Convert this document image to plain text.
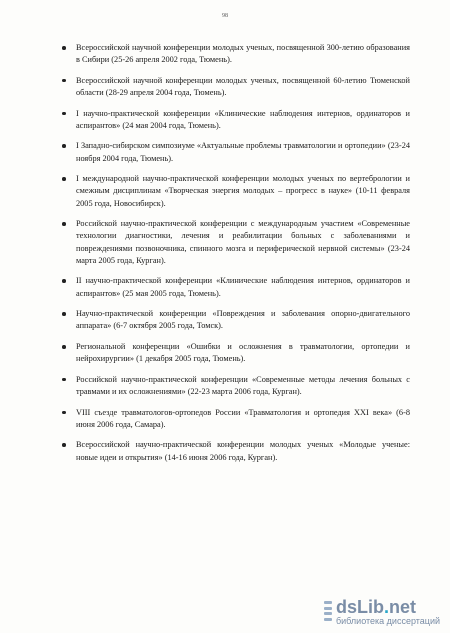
98
Всероссийской научной конференции молодых ученых, посвященной 300-летию образования в Сибири (25-26 апреля 2002 года, Тюмень).
Всероссийской научной конференции молодых ученых, посвященной 60-летию Тюменской области (28-29 апреля 2004 года, Тюмень).
I научно-практической конференции «Клинические наблюдения интернов, ординаторов и аспирантов» (24 мая 2004 года, Тюмень).
I Западно-сибирском симпозиуме «Актуальные проблемы травматологии и ортопедии» (23-24 ноября 2004 года, Тюмень).
I международной научно-практической конференции молодых ученых по вертебрологии и смежным дисциплинам «Творческая энергия молодых – прогресс в науке» (10-11 февраля 2005 года, Новосибирск).
Российской научно-практической конференции с международным участием «Современные технологии диагностики, лечения и реабилитации больных с заболеваниями и повреждениями позвоночника, спинного мозга и периферической нервной системы» (23-24 марта 2005 года, Курган).
II научно-практической конференции «Клинические наблюдения интернов, ординаторов и аспирантов» (25 мая 2005 года, Тюмень).
Научно-практической конференции «Повреждения и заболевания опорно-двигательного аппарата» (6-7 октября 2005 года, Томск).
Региональной конференции «Ошибки и осложнения в травматологии, ортопедии и нейрохирургии» (1 декабря 2005 года, Тюмень).
Российской научно-практической конференции «Современные методы лечения больных с травмами и их осложнениями» (22-23 марта 2006 года, Курган).
VIII съезде травматологов-ортопедов России «Травматология и ортопедия XXI века» (6-8 июня 2006 года, Самара).
Всероссийской научно-практической конференции молодых ученых «Молодые ученые: новые идеи и открытия» (14-16 июня 2006 года, Курган).
dsLib.net
библиотека диссертаций
